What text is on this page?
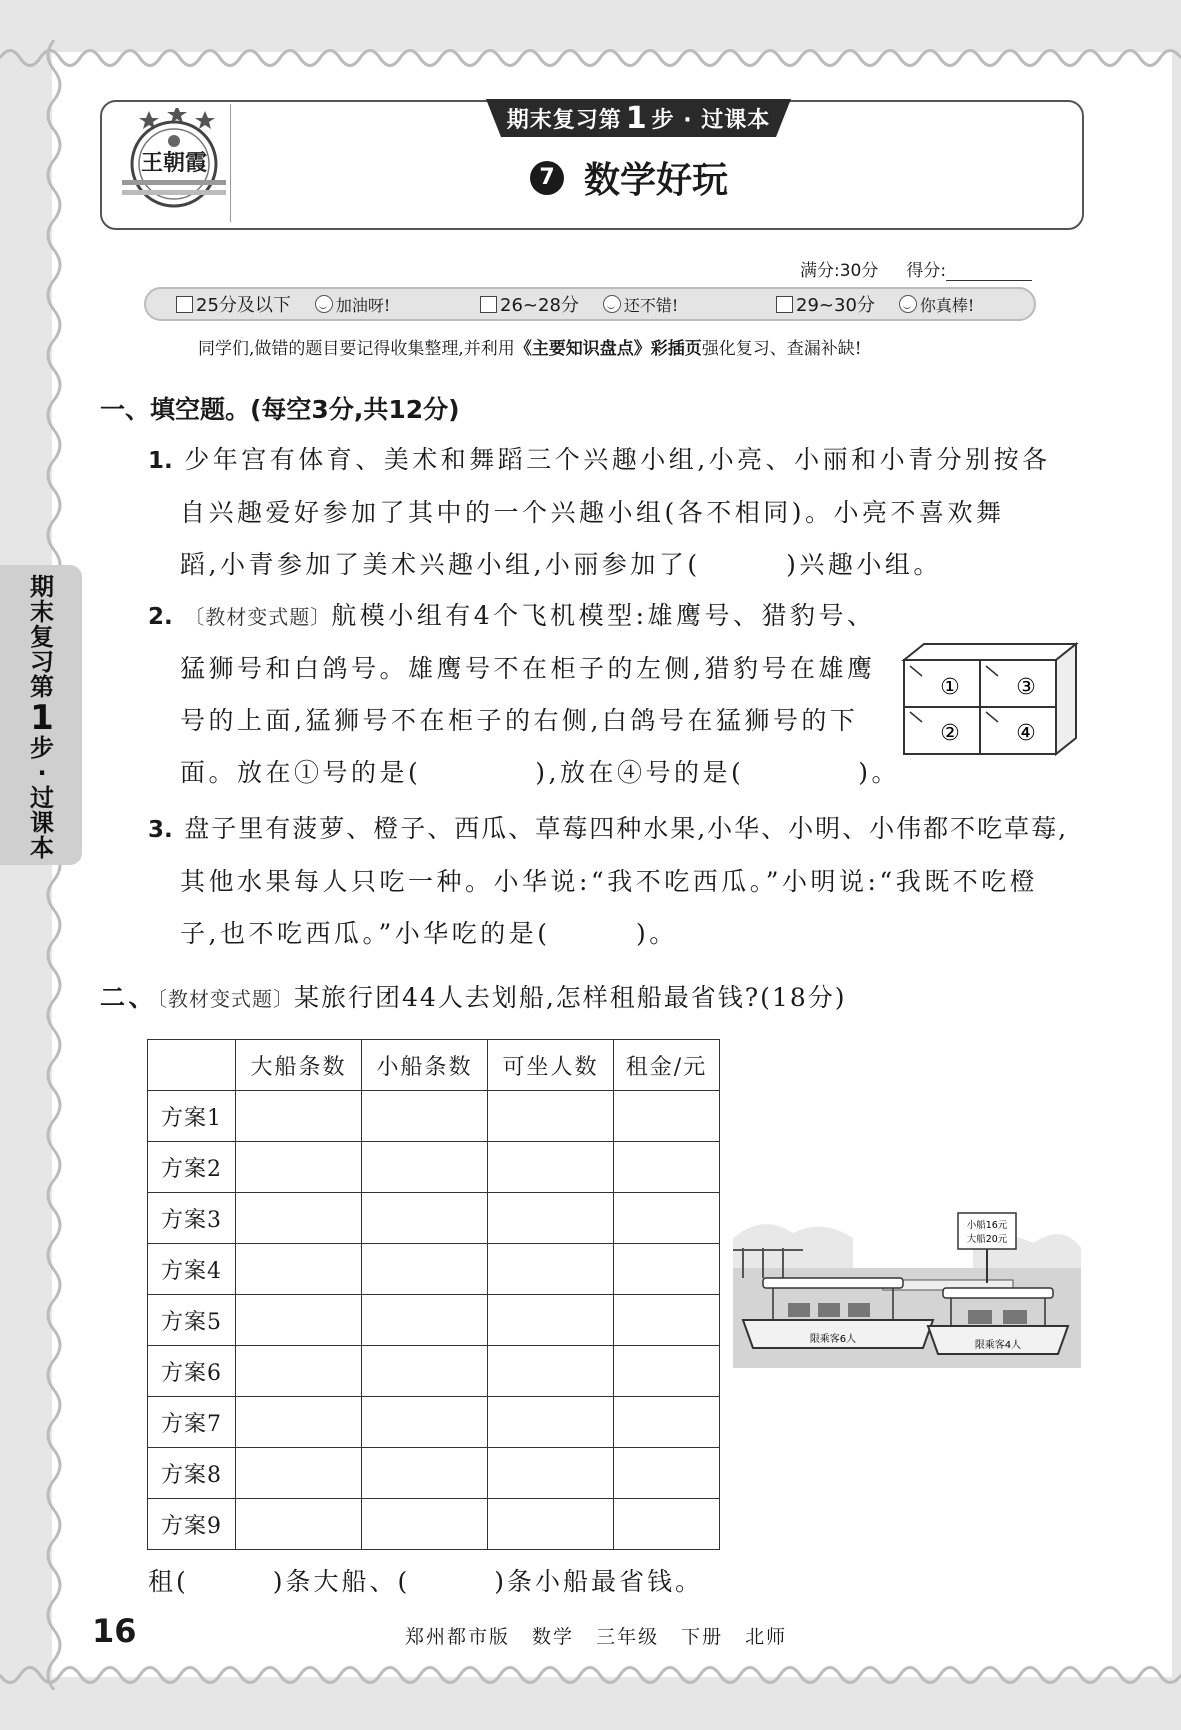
王朝霞
期末复习第 1 步 · 过课本
7 数学好玩
满分:30分 得分:
25分及以下	加油呀!	26~28分	还不错!	29~30分	你真棒!
同学们,做错的题目要记得收集整理,并利用《主要知识盘点》彩插页强化复习、查漏补缺!
期
末
复
习
第
1
步
·
过
课
本
一、填空题。(每空3分,共12分)
1. 少年宫有体育、美术和舞蹈三个兴趣小组,小亮、小丽和小青分别按各
自兴趣爱好参加了其中的一个兴趣小组(各不相同)。小亮不喜欢舞
蹈,小青参加了美术兴趣小组,小丽参加了(　　　)兴趣小组。
2. 〔教材变式题〕航模小组有4个飞机模型:雄鹰号、猎豹号、
猛狮号和白鸽号。雄鹰号不在柜子的左侧,猎豹号在雄鹰
号的上面,猛狮号不在柜子的右侧,白鸽号在猛狮号的下
面。放在①号的是(　　　　),放在④号的是(　　　　)。
①	③
②	④
3. 盘子里有菠萝、橙子、西瓜、草莓四种水果,小华、小明、小伟都不吃草莓,
其他水果每人只吃一种。小华说:“我不吃西瓜。”小明说:“我既不吃橙
子,也不吃西瓜。”小华吃的是(　　　)。
二、〔教材变式题〕某旅行团44人去划船,怎样租船最省钱?(18分)
	大船条数	小船条数	可坐人数	租金/元
方案1				
方案2				
方案3				
方案4				
方案5				
方案6				
方案7				
方案8				
方案9				
小船16元
大船20元
限乘客6人
限乘客4人
租(　　　)条大船、(　　　)条小船最省钱。
16	郑州都市版 数学 三年级 下册 北师
